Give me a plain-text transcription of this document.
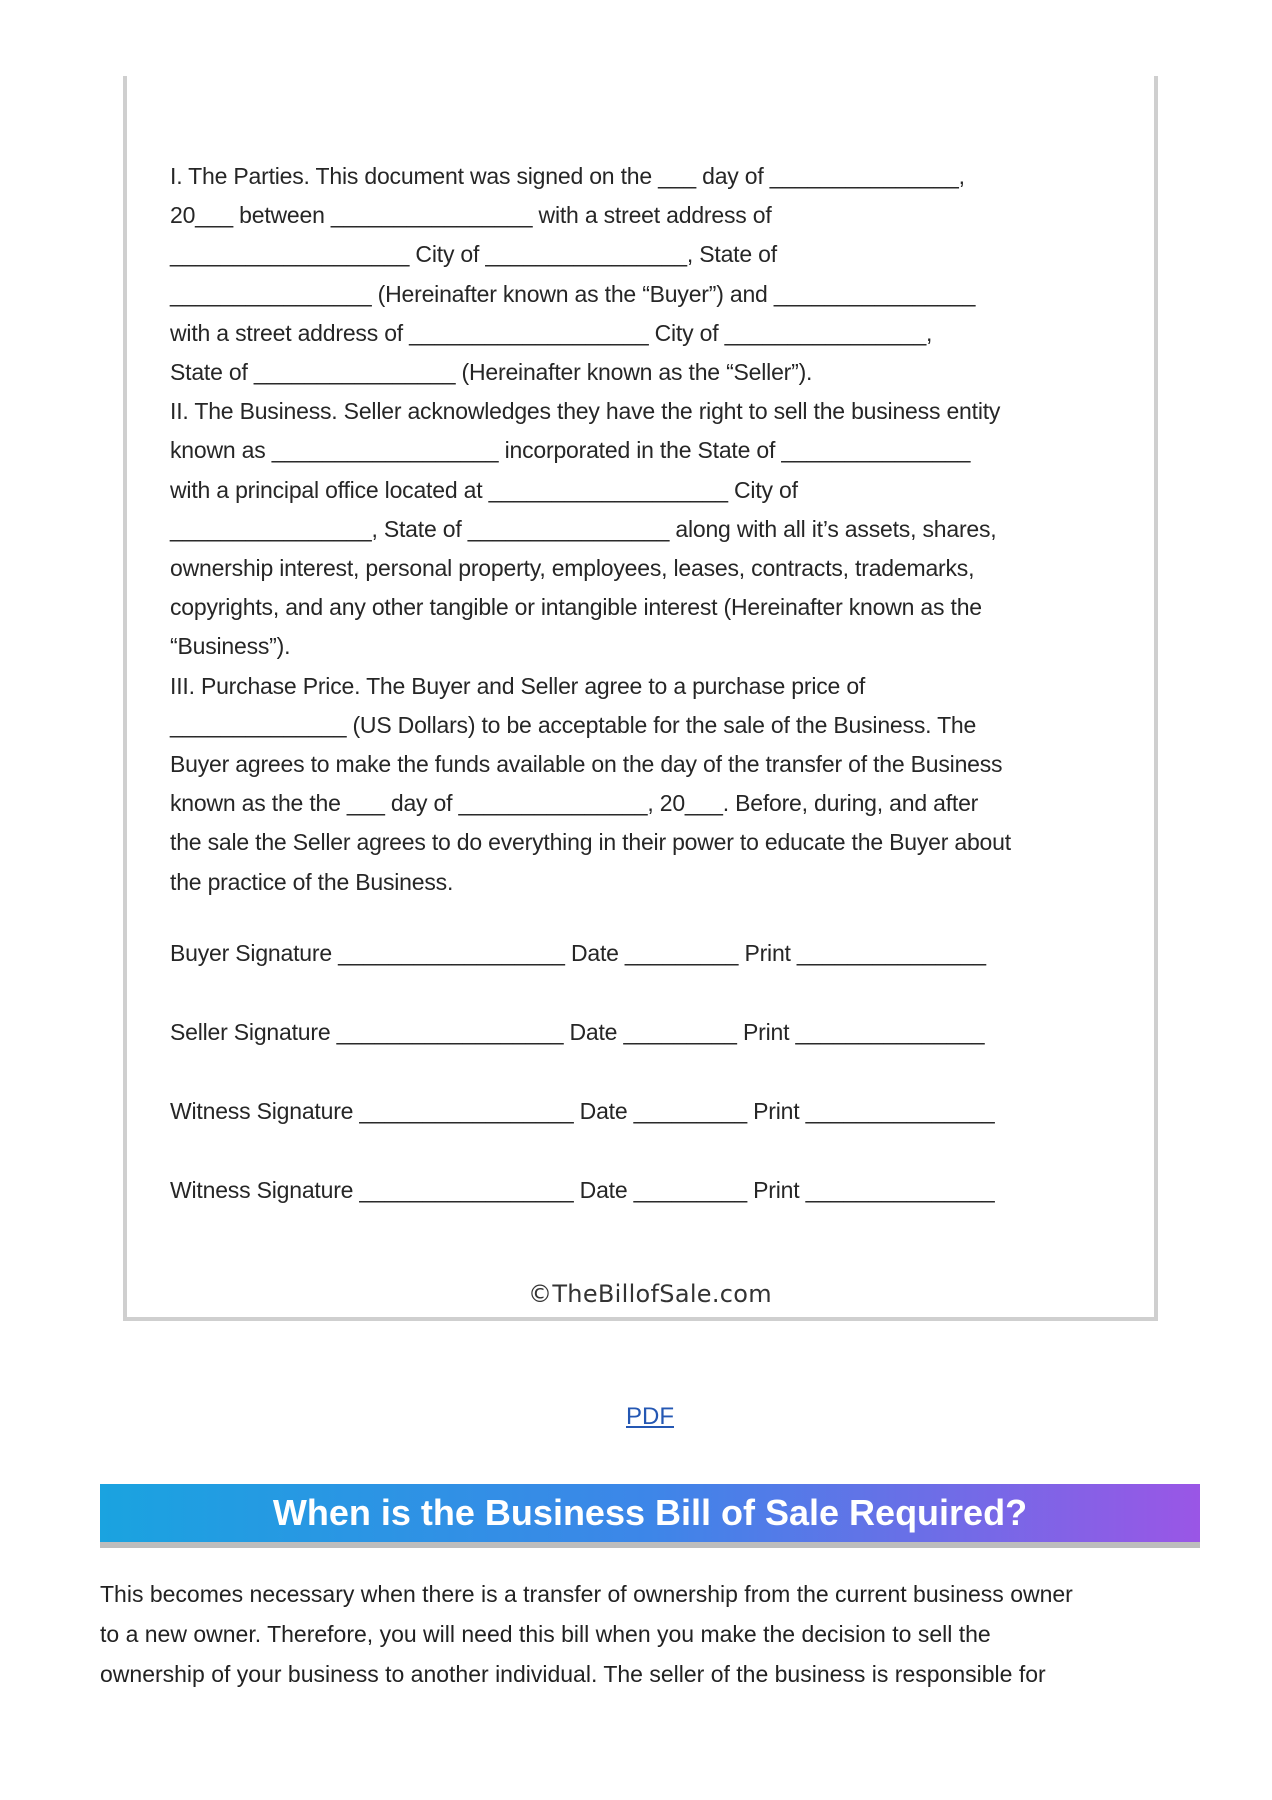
I. The Parties. This document was signed on the ___ day of _______________,

20___ between ________________ with a street address of

___________________ City of ________________, State of

________________ (Hereinafter known as the “Buyer”) and ________________

with a street address of ___________________ City of ________________,

State of ________________ (Hereinafter known as the “Seller”).

II. The Business. Seller acknowledges they have the right to sell the business entity

known as __________________ incorporated in the State of _______________

with a principal office located at ___________________ City of

________________, State of ________________ along with all it’s assets, shares,

ownership interest, personal property, employees, leases, contracts, trademarks,

copyrights, and any other tangible or intangible interest (Hereinafter known as the

“Business”).

III. Purchase Price. The Buyer and Seller agree to a purchase price of

______________ (US Dollars) to be acceptable for the sale of the Business. The

Buyer agrees to make the funds available on the day of the transfer of the Business

known as the the ___ day of _______________, 20___. Before, during, and after

the sale the Seller agrees to do everything in their power to educate the Buyer about

the practice of the Business.

Buyer Signature __________________ Date _________ Print _______________
Seller Signature __________________ Date _________ Print _______________
Witness Signature _________________ Date _________ Print _______________
Witness Signature _________________ Date _________ Print _______________
©TheBillofSale.com
PDF
When is the Business Bill of Sale Required?

This becomes necessary when there is a transfer of ownership from the current business owner

to a new owner. Therefore, you will need this bill when you make the decision to sell the

ownership of your business to another individual. The seller of the business is responsible for
